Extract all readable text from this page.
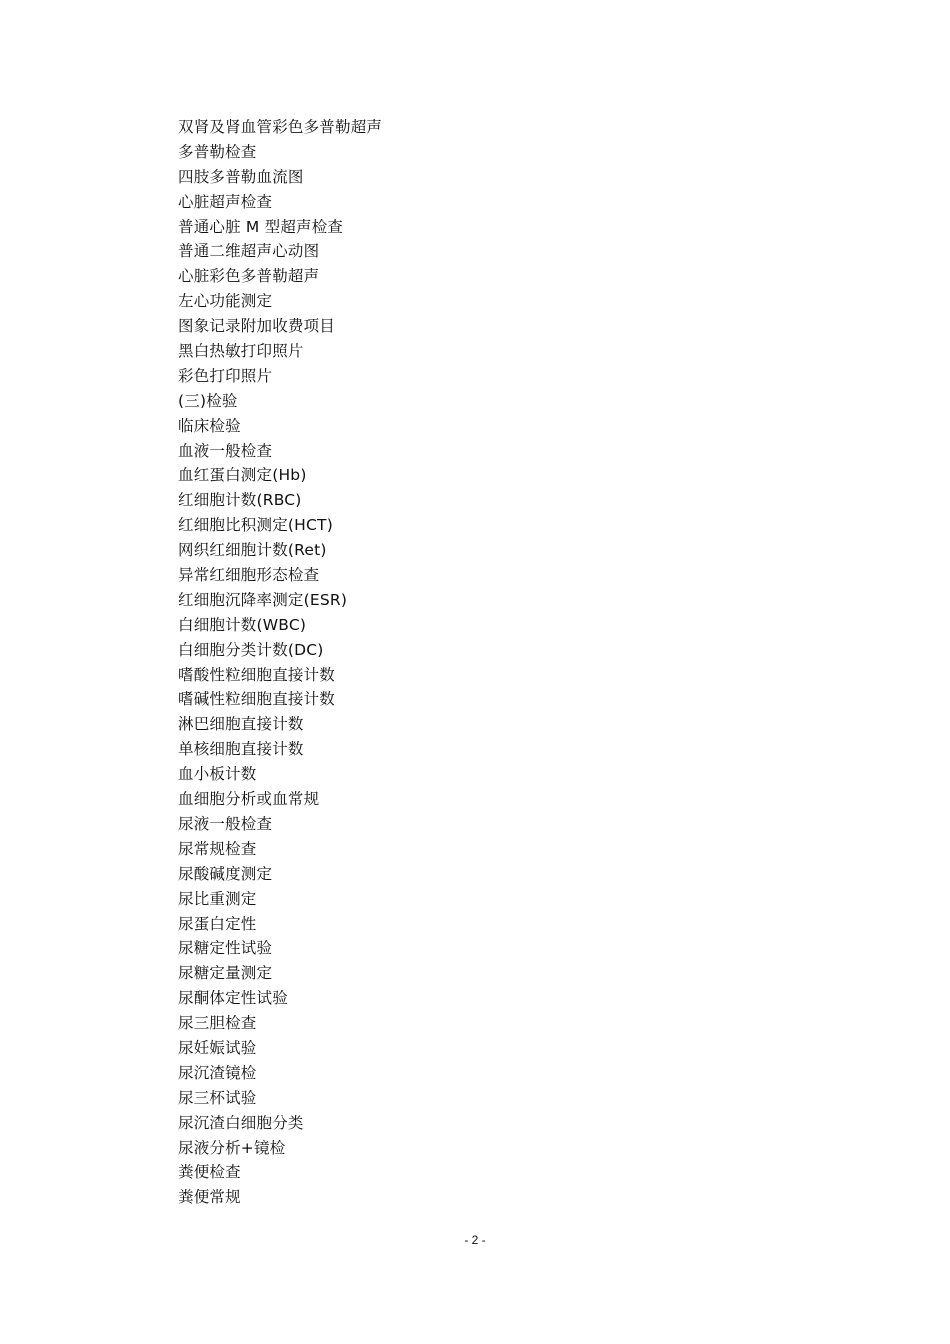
双肾及肾血管彩色多普勒超声
多普勒检查
四肢多普勒血流图
心脏超声检查
普通心脏 M 型超声检查
普通二维超声心动图
心脏彩色多普勒超声
左心功能测定
图象记录附加收费项目
黑白热敏打印照片
彩色打印照片
(三)检验
临床检验
血液一般检查
血红蛋白测定(Hb)
红细胞计数(RBC)
红细胞比积测定(HCT)
网织红细胞计数(Ret)
异常红细胞形态检查
红细胞沉降率测定(ESR)
白细胞计数(WBC)
白细胞分类计数(DC)
嗜酸性粒细胞直接计数
嗜碱性粒细胞直接计数
淋巴细胞直接计数
单核细胞直接计数
血小板计数
血细胞分析或血常规
尿液一般检查
尿常规检查
尿酸碱度测定
尿比重测定
尿蛋白定性
尿糖定性试验
尿糖定量测定
尿酮体定性试验
尿三胆检查
尿妊娠试验
尿沉渣镜检
尿三杯试验
尿沉渣白细胞分类
尿液分析+镜检
粪便检查
粪便常规
- 2 -
